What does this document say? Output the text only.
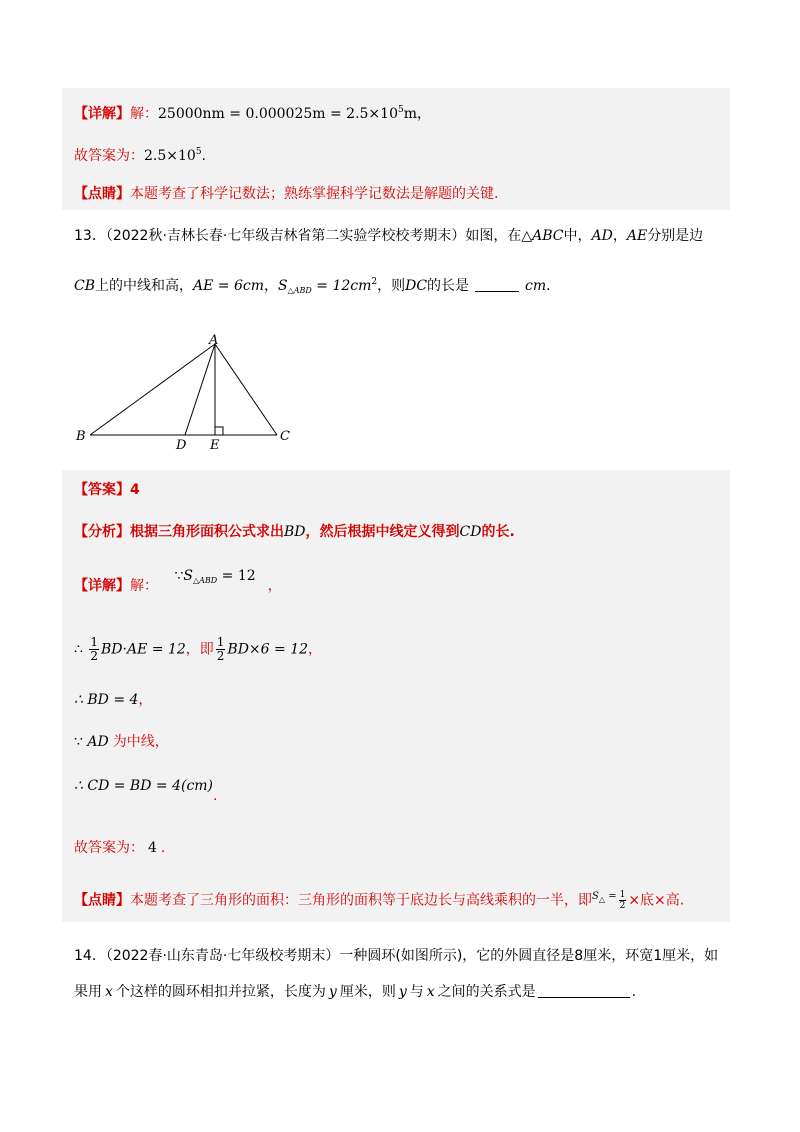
【详解】解：$25000nm = 0.000025m = 2.5\times 10^5m$，
故答案为：$2.5\times 10^5$.
【点睛】本题考查了科学记数法；熟练掌握科学记数法是解题的关键.
13．（2022秋·吉林长春·七年级吉林省第二实验学校校考期末）如图，在△ABC中，AD，AE分别是边
CB上的中线和高，AE = 6cm，$S_{\triangle ABD} = 12cm^2$，则DC的长是	cm.
A
B	C
D E
【答案】4
【分析】根据三角形面积公式求出BD，然后根据中线定义得到CD的长.
【详解】解： $\because S_{\triangle ABD} = 12$，
∴ $\frac{1}{2} BD\cdot AE = 12$，即 $\frac{1}{2} BD\times 6 = 12$，
∴ BD = 4，
∵ AD 为中线，
∴ CD = BD = 4(cm).
故答案为： 4 .
【点睛】本题考查了三角形的面积：三角形的面积等于底边长与高线乘积的一半，即$S_\triangle = \frac{1}{2}$ ×底×高.
14．（2022春·山东青岛·七年级校考期末）一种圆环(如图所示)，它的外圆直径是8厘米，环宽1厘米，如
果用 x 个这样的圆环相扣并拉紧，长度为 y 厘米，则 y 与 x 之间的关系式是	.
